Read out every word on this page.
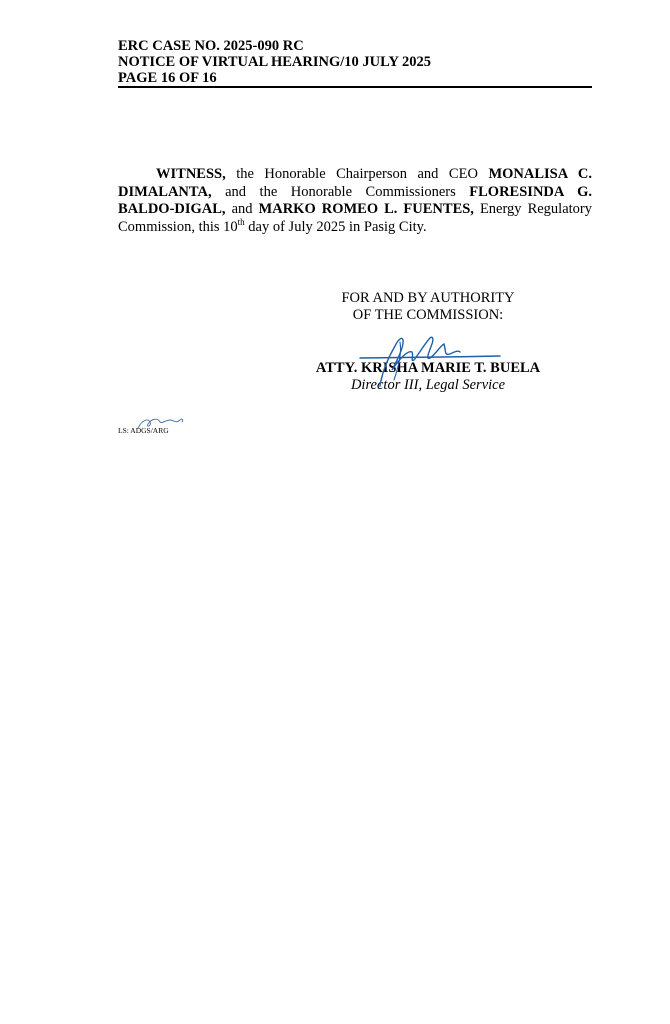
ERC CASE NO. 2025-090 RC
NOTICE OF VIRTUAL HEARING/10 JULY 2025
PAGE 16 OF 16
WITNESS, the Honorable Chairperson and CEO MONALISA C. DIMALANTA, and the Honorable Commissioners FLORESINDA G. BALDO-DIGAL, and MARKO ROMEO L. FUENTES, Energy Regulatory Commission, this 10th day of July 2025 in Pasig City.
FOR AND BY AUTHORITY
OF THE COMMISSION:
ATTY. KRISHA MARIE T. BUELA
Director III, Legal Service
LS: ADGS/ARG
